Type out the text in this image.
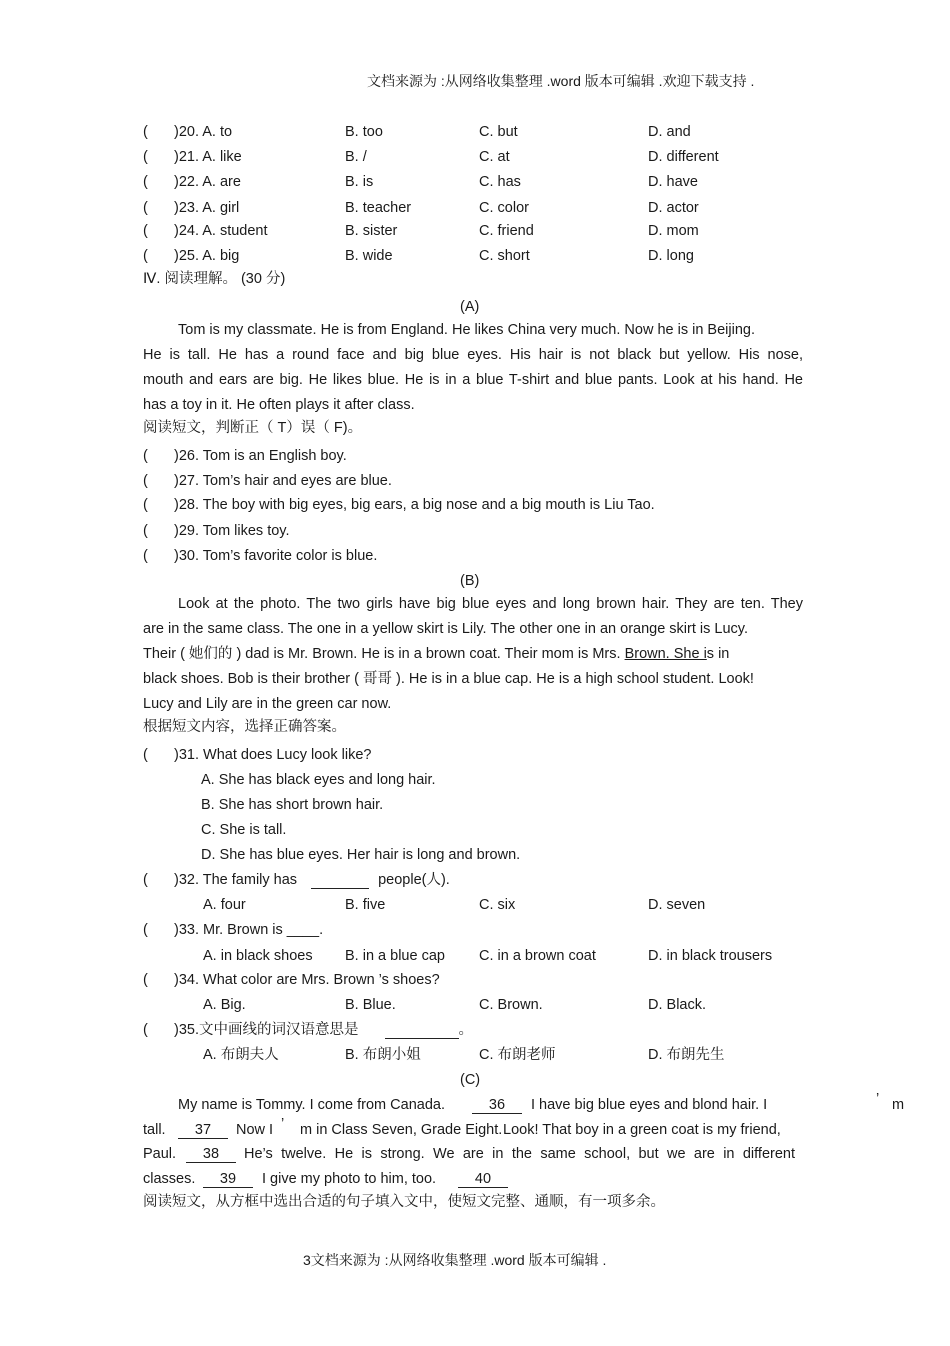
文档来源为 :从网络收集整理 .word 版本可编辑 .欢迎下载支持 .
( )20. A. to	B. too	C. but	D. and
( )21. A. like	B. /	C. at	D. different
( )22. A. are	B. is	C. has	D. have
( )23. A. girl	B. teacher	C. color	D. actor
( )24. A. student	B. sister	C. friend	D. mom
( )25. A. big	B. wide	C. short	D. long
Ⅳ. 阅读理解。 (30 分)
(A)
Tom is my classmate. He is from England. He likes China very much. Now he is in Beijing.
He is tall. He has a round face and big blue eyes. His hair is not black but yellow. His nose,
mouth and ears are big. He likes blue. He is in a blue T-shirt and blue pants. Look at his hand. He
has a toy in it. He often plays it after class.
阅读短文，判断正（ T）误（ F)。
( )26. Tom is an English boy.
( )27. Tom’s hair and eyes are blue.
( )28. The boy with big eyes, big ears, a big nose and a big mouth is Liu Tao.
( )29. Tom likes toy.
( )30. Tom’s favorite color is blue.
(B)
Look at the photo. The two girls have big blue eyes and long brown hair. They are ten. They
are in the same class. The one in a yellow skirt is Lily. The other one in an orange skirt is Lucy.
Their ( 她们的 ) dad is Mr. Brown. He is in a brown coat. Their mom is Mrs. Brown. She is in
black shoes. Bob is their brother ( 哥哥 ). He is in a blue cap. He is a high school student. Look!
Lucy and Lily are in the green car now.
根据短文内容，选择正确答案。
( )31. What does Lucy look like?
A. She has black eyes and long hair.
B. She has short brown hair.
C. She is tall.
D. She has blue eyes. Her hair is long and brown.
( )32. The family has	people(人).
A. four	B. five	C. six	D. seven
( )33. Mr. Brown is ____.
A. in black shoes B. in a blue cap C. in a brown coat	D. in black trousers
( )34. What color are Mrs. Brown ’s shoes?
A. Big.	B. Blue.	C. Brown.	D. Black.
( )35.文中画线的词汉语意思是	。
A. 布朗夫人	B. 布朗小姐	C. 布朗老师	D. 布朗先生
(C)
My name is Tommy. I come from Canada.	36	I have big blue eyes and blond hair. I	’ m
tall.	37	Now I ’ m in Class Seven, Grade Eight. Look! That boy in a green coat is my friend,
Paul.	38	He’s twelve. He is strong. We are in the same school, but we are in different
classes.	39	I give my photo to him, too.	40
阅读短文，从方框中选出合适的句子填入文中，使短文完整、通顺，有一项多余。
3文档来源为 :从网络收集整理 .word 版本可编辑 .
